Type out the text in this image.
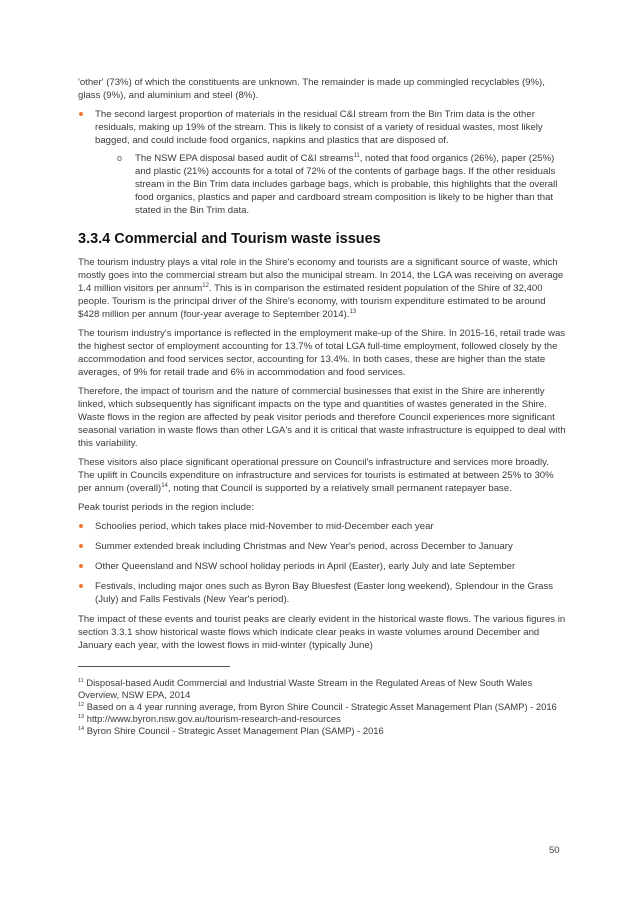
'other' (73%) of which the constituents are unknown. The remainder is made up commingled recyclables (9%), glass (9%), and aluminium and steel (8%).

The second largest proportion of materials in the residual C&I stream from the Bin Trim data is the other residuals, making up 19% of the stream. This is likely to consist of a variety of residual wastes, most likely bagged, and could include food organics, napkins and plastics that are disposed of.
o The NSW EPA disposal based audit of C&I streams$^{11}$, noted that food organics (26%), paper (25%) and plastic (21%) accounts for a total of 72% of the contents of garbage bags. If the other residuals stream in the Bin Trim data includes garbage bags, which is probable, this highlights that the overall food organics, plastics and paper and cardboard stream composition is likely to be higher than that stated in the Bin Trim data.
3.3.4 Commercial and Tourism waste issues

The tourism industry plays a vital role in the Shire's economy and tourists are a significant source of waste, which mostly goes into the commercial stream but also the municipal stream. In 2014, the LGA was receiving on average 1.4 million visitors per annum$^{12}$. This is in comparison the estimated resident population of the Shire of 32,400 people. Tourism is the principal driver of the Shire's economy, with tourism expenditure estimated to be around $428 million per annum (four-year average to September 2014).$^{13}$

The tourism industry's importance is reflected in the employment make-up of the Shire. In 2015-16, retail trade was the highest sector of employment accounting for 13.7% of total LGA full-time employment, followed closely by the accommodation and food services sector, accounting for 13.4%. In both cases, these are higher than the state averages, of 9% for retail trade and 6% in accommodation and food services.

Therefore, the impact of tourism and the nature of commercial businesses that exist in the Shire are inherently linked, which subsequently has significant impacts on the type and quantities of wastes generated in the Shire. Waste flows in the region are affected by peak visitor periods and therefore Council experiences more significant seasonal variation in waste flows than other LGA's and it is critical that waste infrastructure is equipped to deal with this variability.

These visitors also place significant operational pressure on Council's infrastructure and services more broadly. The uplift in Councils expenditure on infrastructure and services for tourists is estimated at between 25% to 30% per annum (overall)$^{14}$, noting that Council is supported by a relatively small permanent ratepayer base.

Peak tourist periods in the region include:

Schoolies period, which takes place mid-November to mid-December each year
Summer extended break including Christmas and New Year's period, across December to January
Other Queensland and NSW school holiday periods in April (Easter), early July and late September
Festivals, including major ones such as Byron Bay Bluesfest (Easter long weekend), Splendour in the Grass (July) and Falls Festivals (New Year's period).

The impact of these events and tourist peaks are clearly evident in the historical waste flows. The various figures in section 3.3.1 show historical waste flows which indicate clear peaks in waste volumes around December and January each year, with the lowest flows in mid-winter (typically June)

$^{11}$ Disposal-based Audit Commercial and Industrial Waste Stream in the Regulated Areas of New South Wales Overview, NSW EPA, 2014

$^{12}$ Based on a 4 year running average, from Byron Shire Council - Strategic Asset Management Plan (SAMP) - 2016

$^{13}$ http://www.byron.nsw.gov.au/tourism-research-and-resources

$^{14}$ Byron Shire Council - Strategic Asset Management Plan (SAMP) - 2016

50
